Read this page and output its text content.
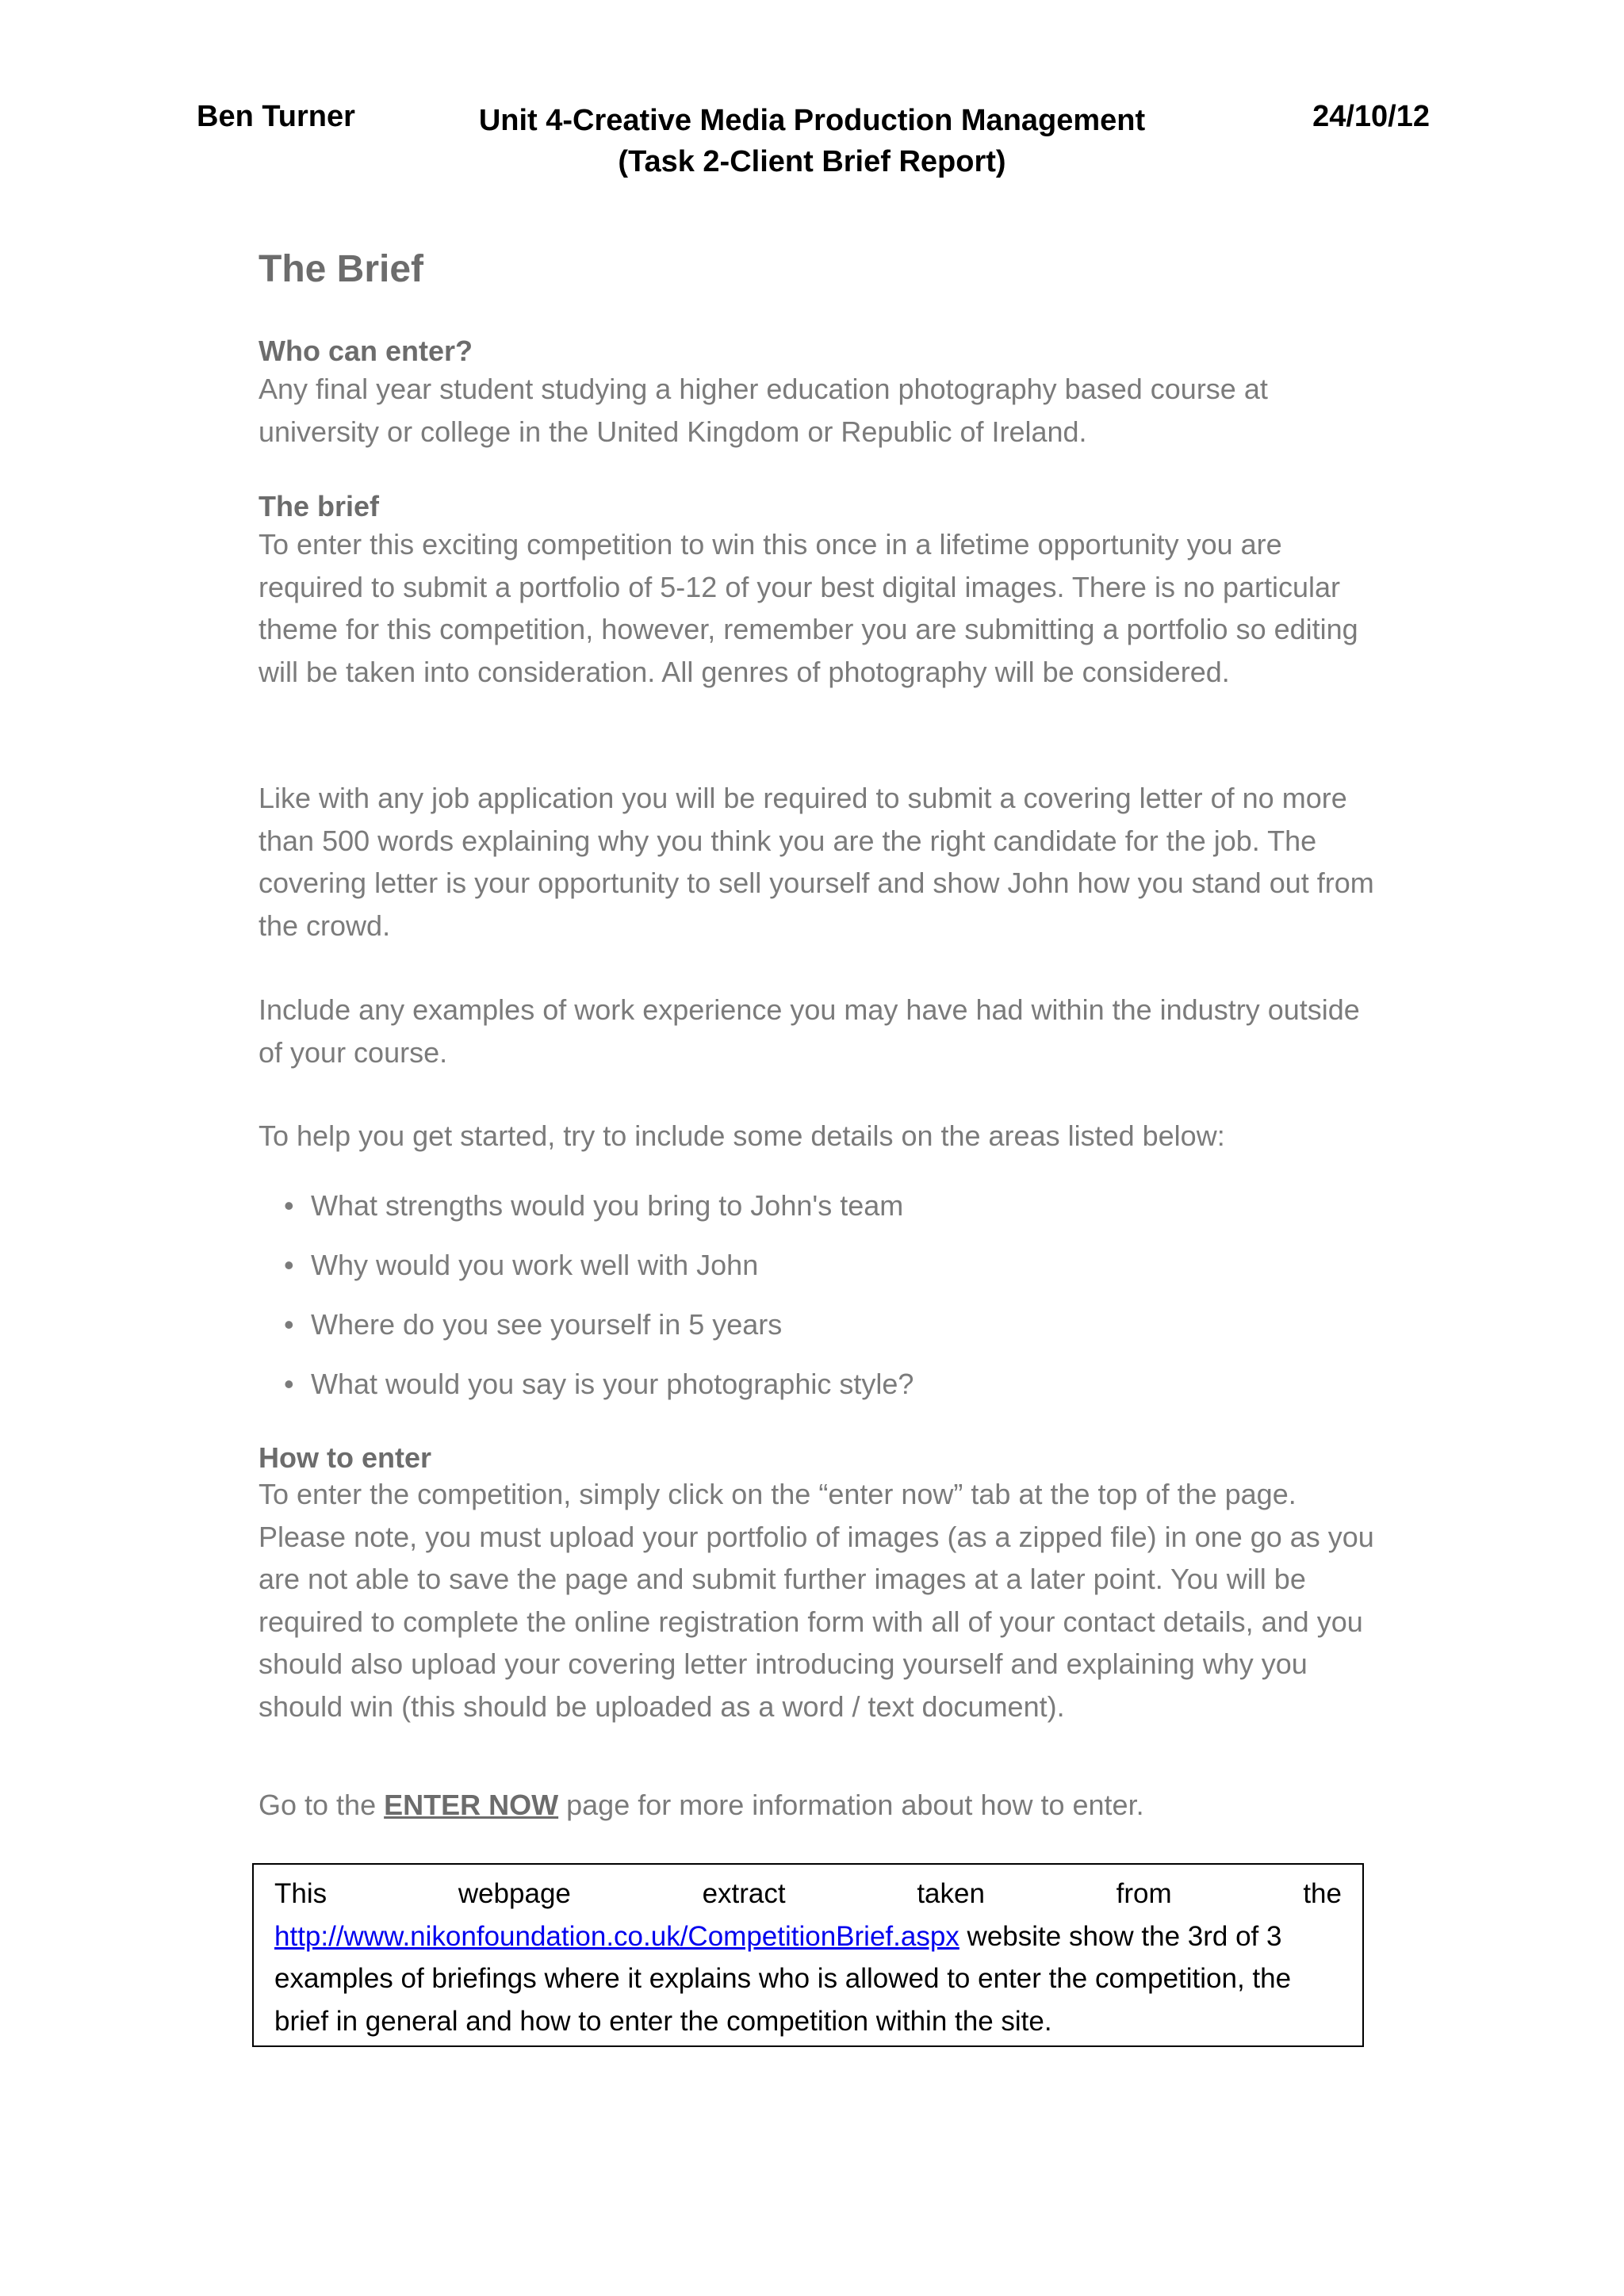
Ben Turner	Unit 4-Creative Media Production Management
(Task 2-Client Brief Report)
24/10/12
The Brief
Who can enter?
Any final year student studying a higher education photography based course at university or college in the United Kingdom or Republic of Ireland.
The brief
To enter this exciting competition to win this once in a lifetime opportunity you are required to submit a portfolio of 5-12 of your best digital images. There is no particular theme for this competition, however, remember you are submitting a portfolio so editing will be taken into consideration. All genres of photography will be considered.
Like with any job application you will be required to submit a covering letter of no more than 500 words explaining why you think you are the right candidate for the job. The covering letter is your opportunity to sell yourself and show John how you stand out from the crowd.
Include any examples of work experience you may have had within the industry outside of your course.
To help you get started, try to include some details on the areas listed below:
• What strengths would you bring to John's team
• Why would you work well with John
• Where do you see yourself in 5 years
• What would you say is your photographic style?
How to enter
To enter the competition, simply click on the “enter now” tab at the top of the page. Please note, you must upload your portfolio of images (as a zipped file) in one go as you are not able to save the page and submit further images at a later point. You will be required to complete the online registration form with all of your contact details, and you should also upload your covering letter introducing yourself and explaining why you should win (this should be uploaded as a word / text document).
Go to the ENTER NOW page for more information about how to enter.
This	webpage	extract	taken	from	the
http://www.nikonfoundation.co.uk/CompetitionBrief.aspx website show the 3rd of 3 examples of briefings where it explains who is allowed to enter the competition, the brief in general and how to enter the competition within the site.
